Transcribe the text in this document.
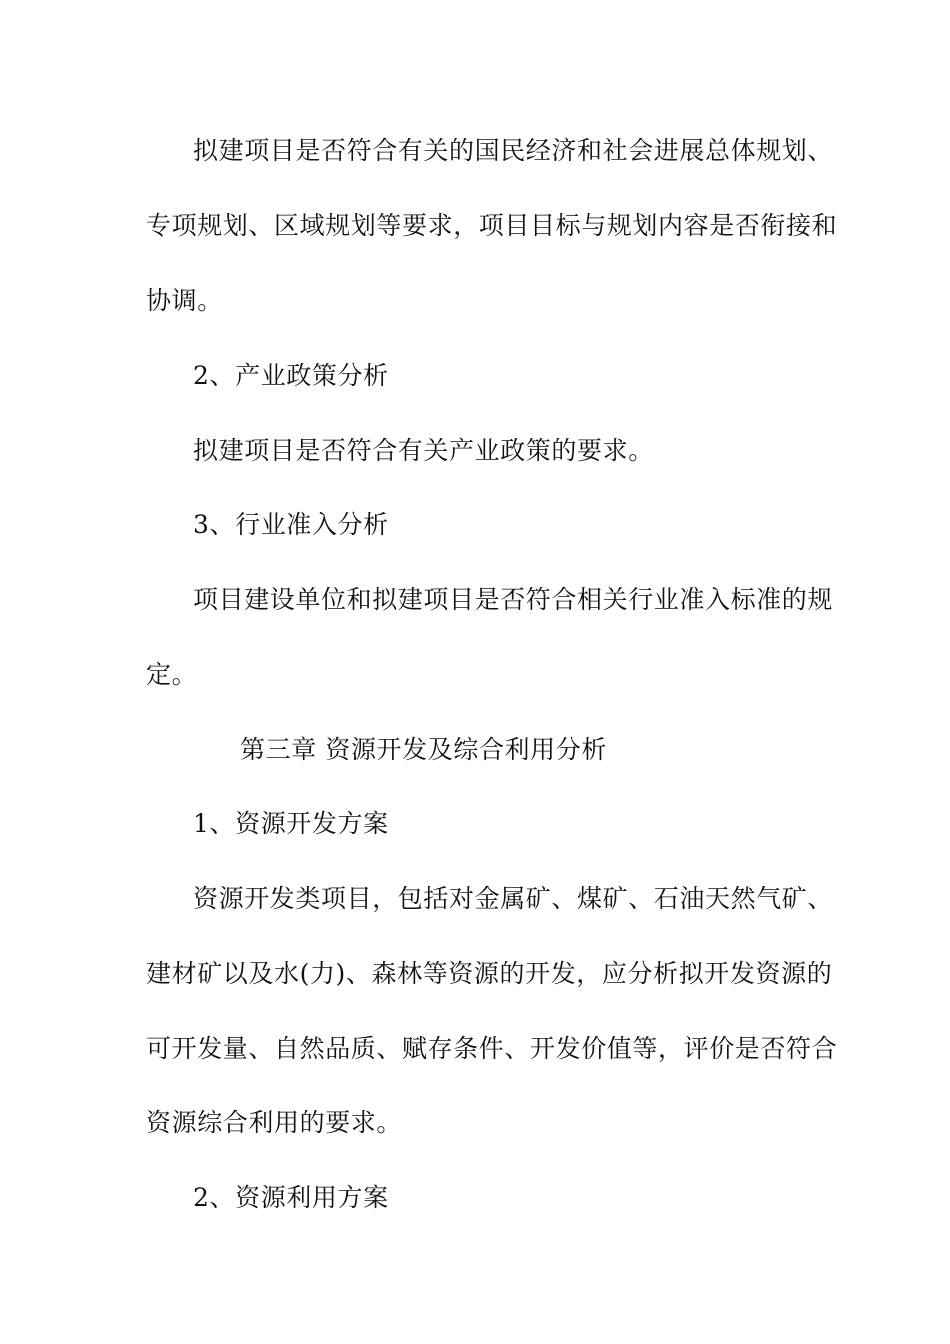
拟建项目是否符合有关的国民经济和社会进展总体规划、
专项规划、区域规划等要求，项目目标与规划内容是否衔接和
协调。
2、产业政策分析
拟建项目是否符合有关产业政策的要求。
3、行业准入分析
项目建设单位和拟建项目是否符合相关行业准入标准的规
定。
第三章 资源开发及综合利用分析
1、资源开发方案
资源开发类项目，包括对金属矿、煤矿、石油天然气矿、
建材矿以及水(力)、森林等资源的开发，应分析拟开发资源的
可开发量、自然品质、赋存条件、开发价值等，评价是否符合
资源综合利用的要求。
2、资源利用方案
